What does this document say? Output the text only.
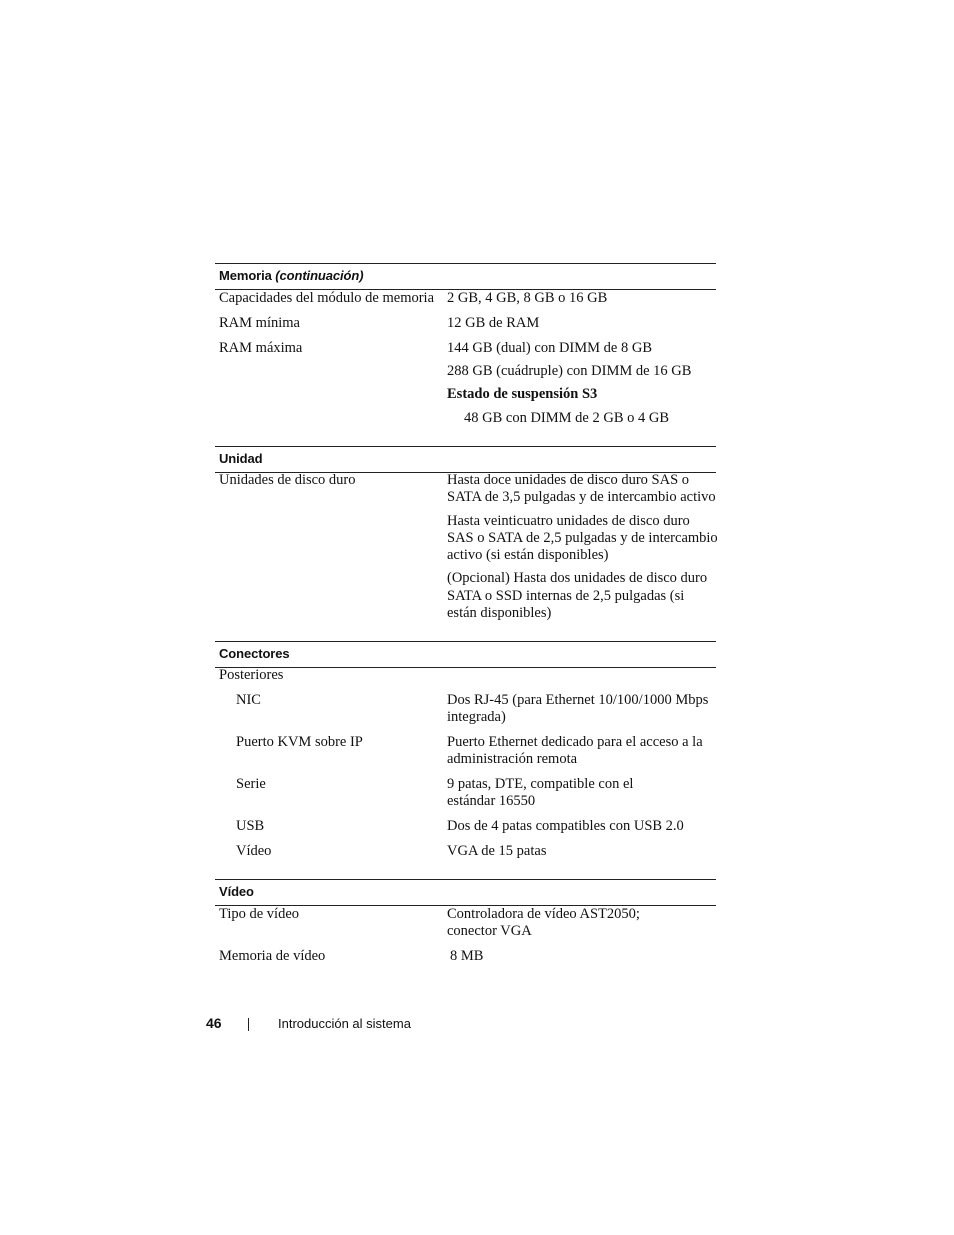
Memoria (continuación)
Capacidades del módulo de memoria 2 GB, 4 GB, 8 GB o 16 GB
RAM mínima	12 GB de RAM
RAM máxima	144 GB (dual) con DIMM de 8 GB
288 GB (cuádruple) con DIMM de 16 GB
Estado de suspensión S3
48 GB con DIMM de 2 GB o 4 GB
Unidad
Unidades de disco duro	Hasta doce unidades de disco duro SAS o
SATA de 3,5 pulgadas y de intercambio activo
Hasta veinticuatro unidades de disco duro
SAS o SATA de 2,5 pulgadas y de intercambio
activo (si están disponibles)
(Opcional) Hasta dos unidades de disco duro
SATA o SSD internas de 2,5 pulgadas (si
están disponibles)
Conectores
Posteriores
NIC	Dos RJ-45 (para Ethernet 10/100/1000 Mbps
integrada)
Puerto KVM sobre IP	Puerto Ethernet dedicado para el acceso a la
administración remota
Serie	9 patas, DTE, compatible con el
estándar 16550
USB	Dos de 4 patas compatibles con USB 2.0
Vídeo	VGA de 15 patas
Vídeo
Tipo de vídeo	Controladora de vídeo AST2050;
conector VGA
Memoria de vídeo	8 MB
46	Introducción al sistema
